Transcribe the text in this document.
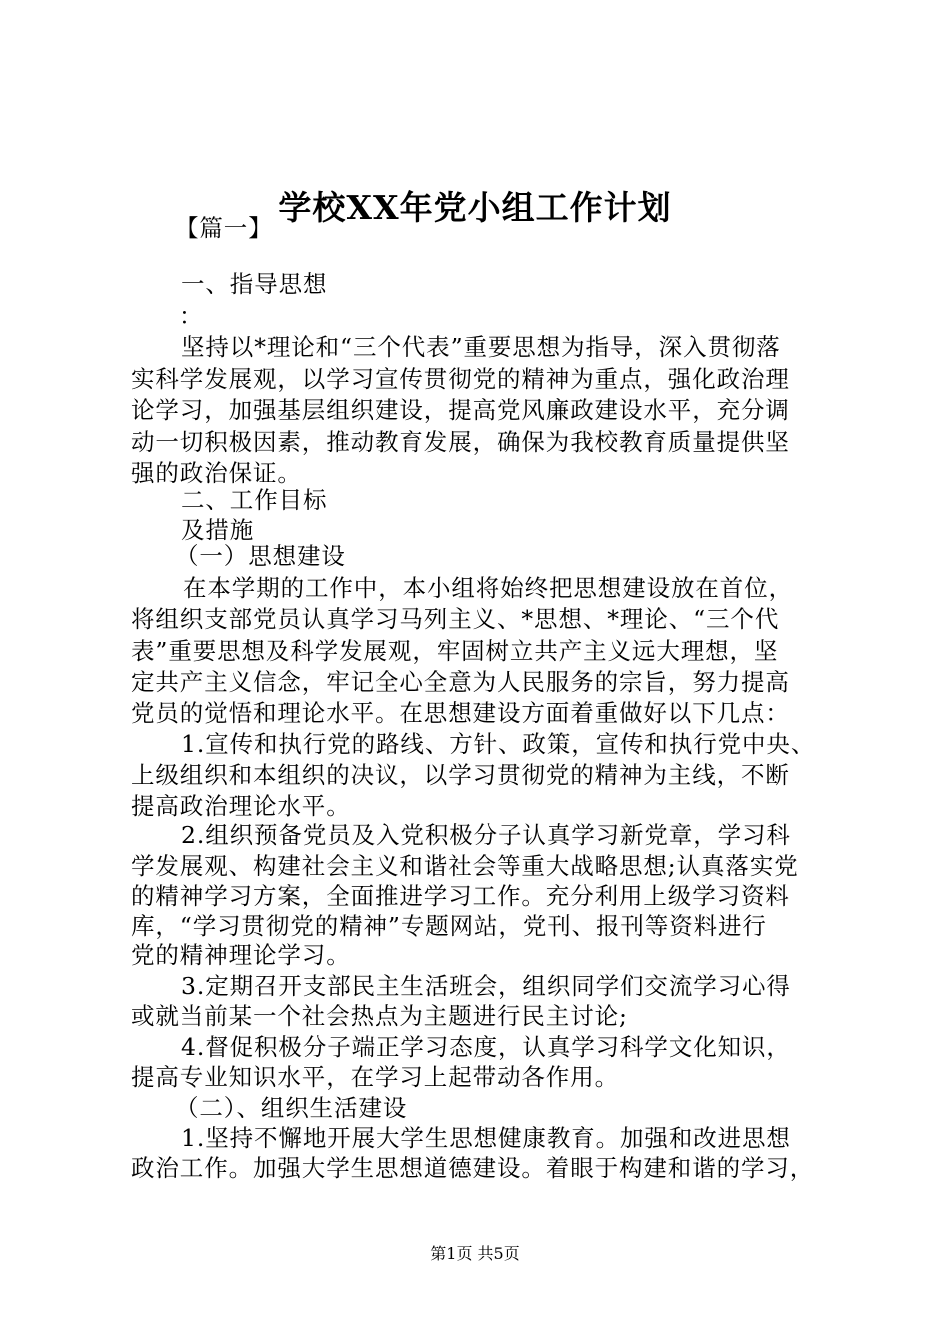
学校XX年党小组工作计划
【篇一】
一、指导思想
：
坚持以*理论和“三个代表”重要思想为指导，深入贯彻落
实科学发展观，以学习宣传贯彻党的精神为重点，强化政治理
论学习，加强基层组织建设，提高党风廉政建设水平，充分调
动一切积极因素，推动教育发展，确保为我校教育质量提供坚
强的政治保证。
二、工作目标
及措施
（一）思想建设
在本学期的工作中，本小组将始终把思想建设放在首位，
将组织支部党员认真学习马列主义、*思想、*理论、“三个代
表”重要思想及科学发展观，牢固树立共产主义远大理想，坚
定共产主义信念，牢记全心全意为人民服务的宗旨，努力提高
党员的觉悟和理论水平。在思想建设方面着重做好以下几点：
1.宣传和执行党的路线、方针、政策，宣传和执行党中央、
上级组织和本组织的决议，以学习贯彻党的精神为主线，不断
提高政治理论水平。
2.组织预备党员及入党积极分子认真学习新党章，学习科
学发展观、构建社会主义和谐社会等重大战略思想;认真落实党
的精神学习方案，全面推进学习工作。充分利用上级学习资料
库，“学习贯彻党的精神”专题网站，党刊、报刊等资料进行
党的精神理论学习。
3.定期召开支部民主生活班会，组织同学们交流学习心得
或就当前某一个社会热点为主题进行民主讨论;
4.督促积极分子端正学习态度，认真学习科学文化知识，
提高专业知识水平，在学习上起带动各作用。
（二）、组织生活建设
1.坚持不懈地开展大学生思想健康教育。加强和改进思想
政治工作。加强大学生思想道德建设。着眼于构建和谐的学习，
第1页 共5页
